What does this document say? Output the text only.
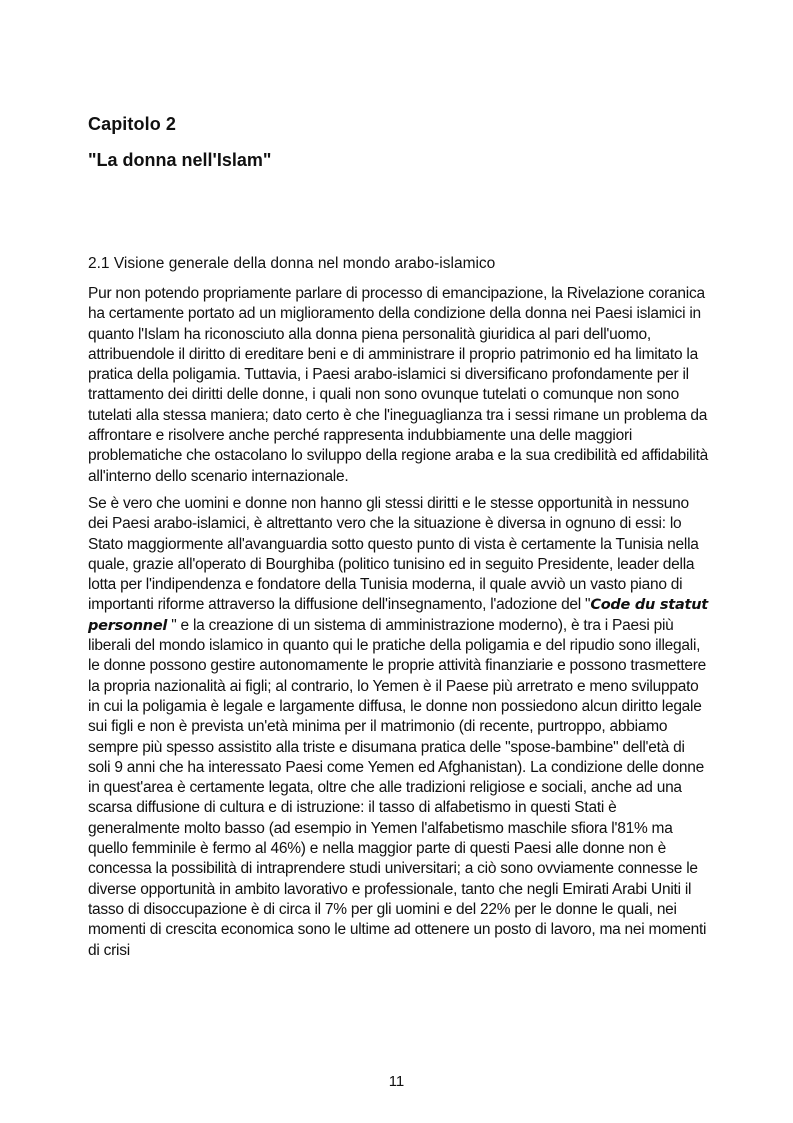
Capitolo 2
"La donna nell'Islam"
2.1 Visione generale della donna nel mondo arabo-islamico

Pur non potendo propriamente parlare di processo di emancipazione, la Rivelazione coranica ha certamente portato ad un miglioramento della condizione della donna nei Paesi islamici in quanto l'Islam ha riconosciuto alla donna piena personalità giuridica al pari dell'uomo, attribuendole il diritto di ereditare beni e di amministrare il proprio patrimonio ed ha limitato la pratica della poligamia. Tuttavia, i Paesi arabo-islamici si diversificano profondamente per il trattamento dei diritti delle donne, i quali non sono ovunque tutelati o comunque non sono tutelati alla stessa maniera; dato certo è che l'ineguaglianza tra i sessi rimane un problema da affrontare e risolvere anche perché rappresenta indubbiamente una delle maggiori problematiche che ostacolano lo sviluppo della regione araba e la sua credibilità ed affidabilità all'interno dello scenario internazionale.

Se è vero che uomini e donne non hanno gli stessi diritti e le stesse opportunità in nessuno dei Paesi arabo-islamici, è altrettanto vero che la situazione è diversa in ognuno di essi: lo Stato maggiormente all'avanguardia sotto questo punto di vista è certamente la Tunisia nella quale, grazie all'operato di Bourghiba (politico tunisino ed in seguito Presidente, leader della lotta per l'indipendenza e fondatore della Tunisia moderna, il quale avviò un vasto piano di importanti riforme attraverso la diffusione dell'insegnamento, l'adozione del "Code du statut personnel " e la creazione di un sistema di amministrazione moderno), è tra i Paesi più liberali del mondo islamico in quanto qui le pratiche della poligamia e del ripudio sono illegali, le donne possono gestire autonomamente le proprie attività finanziarie e possono trasmettere la propria nazionalità ai figli; al contrario, lo Yemen è il Paese più arretrato e meno sviluppato in cui la poligamia è legale e largamente diffusa, le donne non possiedono alcun diritto legale sui figli e non è prevista un'età minima per il matrimonio (di recente, purtroppo, abbiamo sempre più spesso assistito alla triste e disumana pratica delle "spose-bambine" dell'età di soli 9 anni che ha interessato Paesi come Yemen ed Afghanistan). La condizione delle donne in quest'area è certamente legata, oltre che alle tradizioni religiose e sociali, anche ad una scarsa diffusione di cultura e di istruzione: il tasso di alfabetismo in questi Stati è generalmente molto basso (ad esempio in Yemen l'alfabetismo maschile sfiora l'81% ma quello femminile è fermo al 46%) e nella maggior parte di questi Paesi alle donne non è concessa la possibilità di intraprendere studi universitari; a ciò sono ovviamente connesse le diverse opportunità in ambito lavorativo e professionale, tanto che negli Emirati Arabi Uniti il tasso di disoccupazione è di circa il 7% per gli uomini e del 22% per le donne le quali, nei momenti di crescita economica sono le ultime ad ottenere un posto di lavoro, ma nei momenti di crisi

11
